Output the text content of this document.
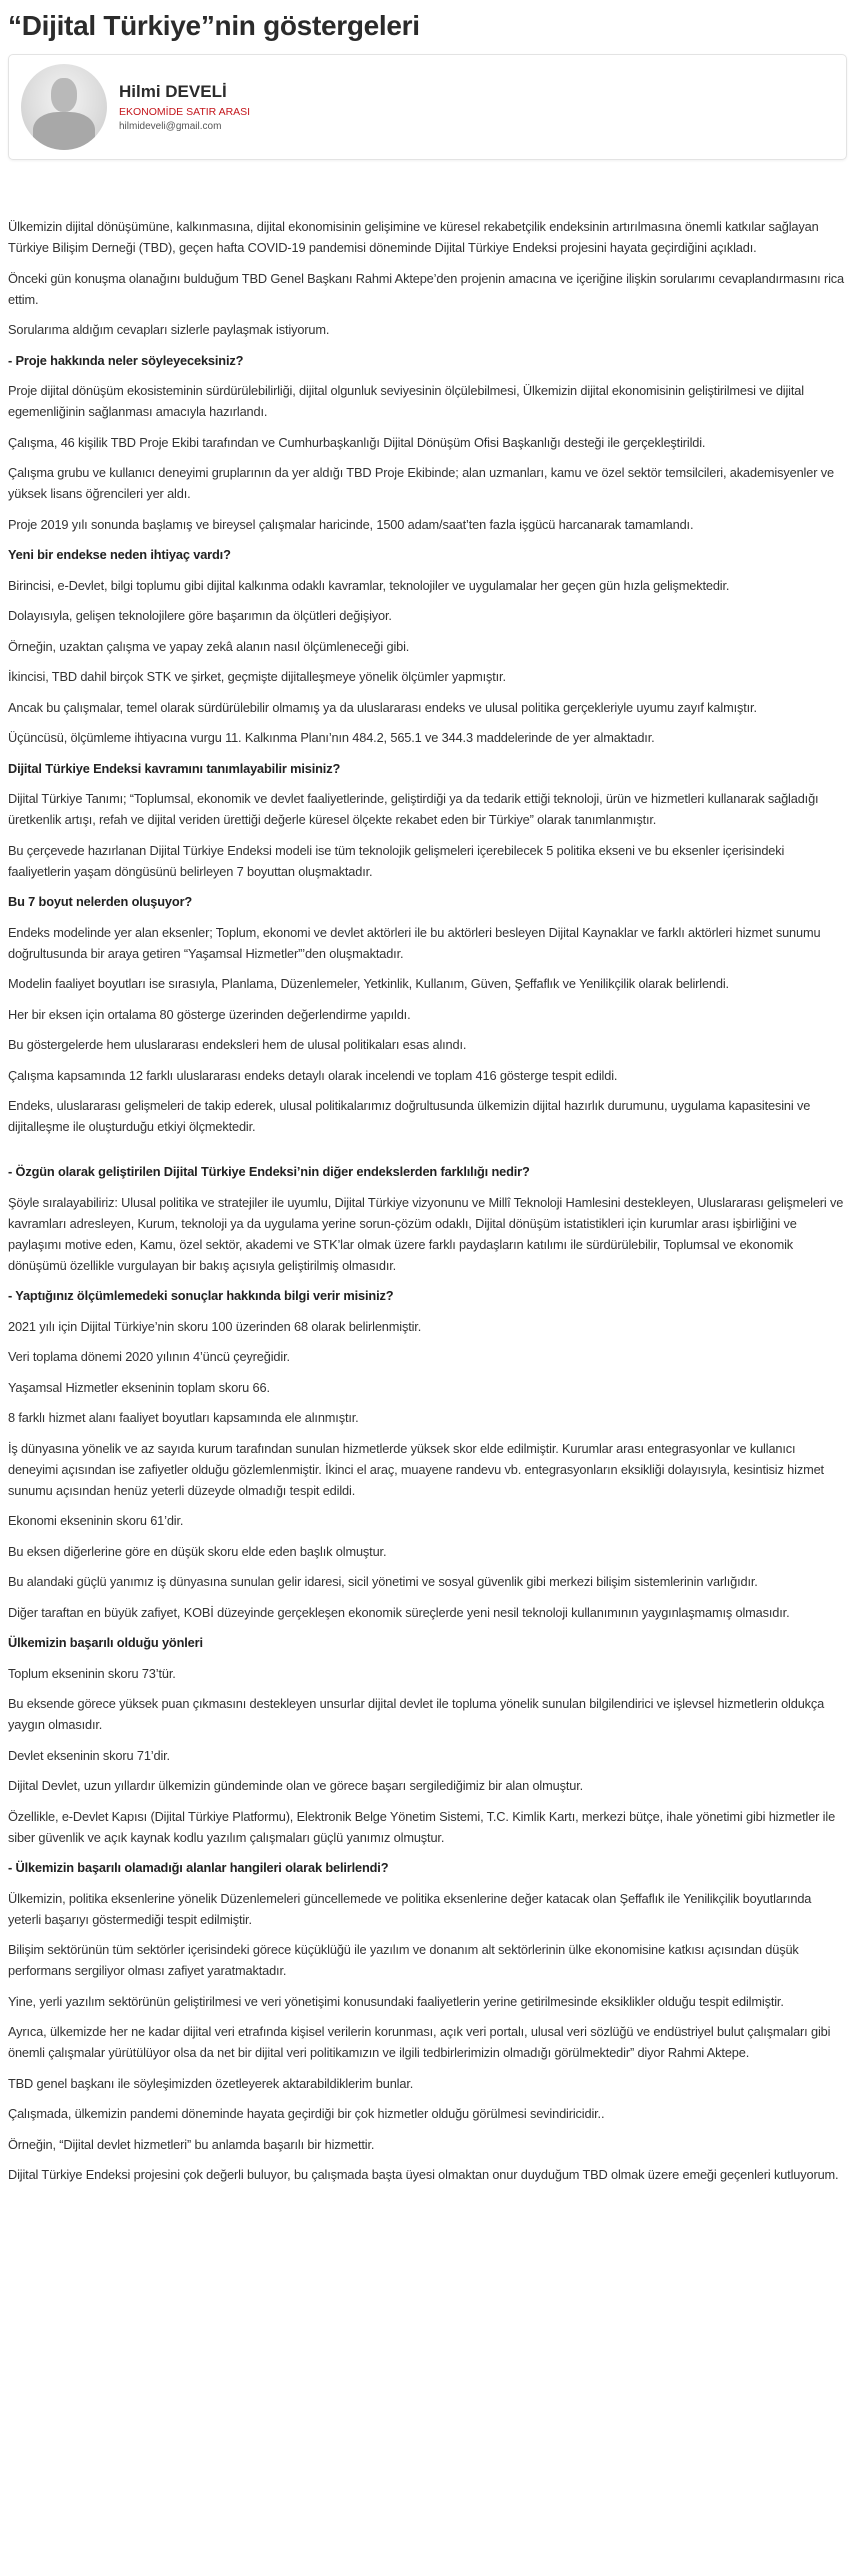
“Dijital Türkiye”nin göstergeleri
Hilmi DEVELİ
EKONOMİDE SATIR ARASI
hilmideveli@gmail.com

Ülkemizin dijital dönüşümüne, kalkınmasına, dijital ekonomisinin gelişimine ve küresel rekabetçilik endeksinin artırılmasına önemli katkılar sağlayan Türkiye Bilişim Derneği (TBD), geçen hafta COVID-19 pandemisi döneminde Dijital Türkiye Endeksi projesini hayata geçirdiğini açıkladı.

Önceki gün konuşma olanağını bulduğum TBD Genel Başkanı Rahmi Aktepe’den projenin amacına ve içeriğine ilişkin sorularımı cevaplandırmasını rica ettim.

Sorularıma aldığım cevapları sizlerle paylaşmak istiyorum.

- Proje hakkında neler söyleyeceksiniz?

Proje dijital dönüşüm ekosisteminin sürdürülebilirliği, dijital olgunluk seviyesinin ölçülebilmesi, Ülkemizin dijital ekonomisinin geliştirilmesi ve dijital egemenliğinin sağlanması amacıyla hazırlandı.

Çalışma, 46 kişilik TBD Proje Ekibi tarafından ve Cumhurbaşkanlığı Dijital Dönüşüm Ofisi Başkanlığı desteği ile gerçekleştirildi.

Çalışma grubu ve kullanıcı deneyimi gruplarının da yer aldığı TBD Proje Ekibinde; alan uzmanları, kamu ve özel sektör temsilcileri, akademisyenler ve yüksek lisans öğrencileri yer aldı.

Proje 2019 yılı sonunda başlamış ve bireysel çalışmalar haricinde, 1500 adam/saat’ten fazla işgücü harcanarak tamamlandı.

Yeni bir endekse neden ihtiyaç vardı?

Birincisi, e-Devlet, bilgi toplumu gibi dijital kalkınma odaklı kavramlar, teknolojiler ve uygulamalar her geçen gün hızla gelişmektedir.

Dolayısıyla, gelişen teknolojilere göre başarımın da ölçütleri değişiyor.

Örneğin, uzaktan çalışma ve yapay zekâ alanın nasıl ölçümleneceği gibi.

İkincisi, TBD dahil birçok STK ve şirket, geçmişte dijitalleşmeye yönelik ölçümler yapmıştır.

Ancak bu çalışmalar, temel olarak sürdürülebilir olmamış ya da uluslararası endeks ve ulusal politika gerçekleriyle uyumu zayıf kalmıştır.

Üçüncüsü, ölçümleme ihtiyacına vurgu 11. Kalkınma Planı’nın 484.2, 565.1 ve 344.3 maddelerinde de yer almaktadır.

Dijital Türkiye Endeksi kavramını tanımlayabilir misiniz?

Dijital Türkiye Tanımı; “Toplumsal, ekonomik ve devlet faaliyetlerinde, geliştirdiği ya da tedarik ettiği teknoloji, ürün ve hizmetleri kullanarak sağladığı üretkenlik artışı, refah ve dijital veriden ürettiği değerle küresel ölçekte rekabet eden bir Türkiye” olarak tanımlanmıştır.

Bu çerçevede hazırlanan Dijital Türkiye Endeksi modeli ise tüm teknolojik gelişmeleri içerebilecek 5 politika ekseni ve bu eksenler içerisindeki faaliyetlerin yaşam döngüsünü belirleyen 7 boyuttan oluşmaktadır.

Bu 7 boyut nelerden oluşuyor?

Endeks modelinde yer alan eksenler; Toplum, ekonomi ve devlet aktörleri ile bu aktörleri besleyen Dijital Kaynaklar ve farklı aktörleri hizmet sunumu doğrultusunda bir araya getiren “Yaşamsal Hizmetler”’den oluşmaktadır.

Modelin faaliyet boyutları ise sırasıyla, Planlama, Düzenlemeler, Yetkinlik, Kullanım, Güven, Şeffaflık ve Yenilikçilik olarak belirlendi.

Her bir eksen için ortalama 80 gösterge üzerinden değerlendirme yapıldı.

Bu göstergelerde hem uluslararası endeksleri hem de ulusal politikaları esas alındı.

Çalışma kapsamında 12 farklı uluslararası endeks detaylı olarak incelendi ve toplam 416 gösterge tespit edildi.

Endeks, uluslararası gelişmeleri de takip ederek, ulusal politikalarımız doğrultusunda ülkemizin dijital hazırlık durumunu, uygulama kapasitesini ve dijitalleşme ile oluşturduğu etkiyi ölçmektedir.

- Özgün olarak geliştirilen Dijital Türkiye Endeksi’nin diğer endekslerden farklılığı nedir?

Şöyle sıralayabiliriz: Ulusal politika ve stratejiler ile uyumlu, Dijital Türkiye vizyonunu ve Millî Teknoloji Hamlesini destekleyen, Uluslararası gelişmeleri ve kavramları adresleyen, Kurum, teknoloji ya da uygulama yerine sorun-çözüm odaklı, Dijital dönüşüm istatistikleri için kurumlar arası işbirliğini ve paylaşımı motive eden, Kamu, özel sektör, akademi ve STK’lar olmak üzere farklı paydaşların katılımı ile sürdürülebilir, Toplumsal ve ekonomik dönüşümü özellikle vurgulayan bir bakış açısıyla geliştirilmiş olmasıdır.

- Yaptığınız ölçümlemedeki sonuçlar hakkında bilgi verir misiniz?

2021 yılı için Dijital Türkiye’nin skoru 100 üzerinden 68 olarak belirlenmiştir.

Veri toplama dönemi 2020 yılının 4’üncü çeyreğidir.

Yaşamsal Hizmetler ekseninin toplam skoru 66.

8 farklı hizmet alanı faaliyet boyutları kapsamında ele alınmıştır.

İş dünyasına yönelik ve az sayıda kurum tarafından sunulan hizmetlerde yüksek skor elde edilmiştir. Kurumlar arası entegrasyonlar ve kullanıcı deneyimi açısından ise zafiyetler olduğu gözlemlenmiştir. İkinci el araç, muayene randevu vb. entegrasyonların eksikliği dolayısıyla, kesintisiz hizmet sunumu açısından henüz yeterli düzeyde olmadığı tespit edildi.

Ekonomi ekseninin skoru 61’dir.

Bu eksen diğerlerine göre en düşük skoru elde eden başlık olmuştur.

Bu alandaki güçlü yanımız iş dünyasına sunulan gelir idaresi, sicil yönetimi ve sosyal güvenlik gibi merkezi bilişim sistemlerinin varlığıdır.

Diğer taraftan en büyük zafiyet, KOBİ düzeyinde gerçekleşen ekonomik süreçlerde yeni nesil teknoloji kullanımının yaygınlaşmamış olmasıdır.

Ülkemizin başarılı olduğu yönleri

Toplum ekseninin skoru 73’tür.

Bu eksende görece yüksek puan çıkmasını destekleyen unsurlar dijital devlet ile topluma yönelik sunulan bilgilendirici ve işlevsel hizmetlerin oldukça yaygın olmasıdır.

Devlet ekseninin skoru 71’dir.

Dijital Devlet, uzun yıllardır ülkemizin gündeminde olan ve görece başarı sergilediğimiz bir alan olmuştur.

Özellikle, e-Devlet Kapısı (Dijital Türkiye Platformu), Elektronik Belge Yönetim Sistemi, T.C. Kimlik Kartı, merkezi bütçe, ihale yönetimi gibi hizmetler ile siber güvenlik ve açık kaynak kodlu yazılım çalışmaları güçlü yanımız olmuştur.

- Ülkemizin başarılı olamadığı alanlar hangileri olarak belirlendi?

Ülkemizin, politika eksenlerine yönelik Düzenlemeleri güncellemede ve politika eksenlerine değer katacak olan Şeffaflık ile Yenilikçilik boyutlarında yeterli başarıyı göstermediği tespit edilmiştir.

Bilişim sektörünün tüm sektörler içerisindeki görece küçüklüğü ile yazılım ve donanım alt sektörlerinin ülke ekonomisine katkısı açısından düşük performans sergiliyor olması zafiyet yaratmaktadır.

Yine, yerli yazılım sektörünün geliştirilmesi ve veri yönetişimi konusundaki faaliyetlerin yerine getirilmesinde eksiklikler olduğu tespit edilmiştir.

Ayrıca, ülkemizde her ne kadar dijital veri etrafında kişisel verilerin korunması, açık veri portalı, ulusal veri sözlüğü ve endüstriyel bulut çalışmaları gibi önemli çalışmalar yürütülüyor olsa da net bir dijital veri politikamızın ve ilgili tedbirlerimizin olmadığı görülmektedir” diyor Rahmi Aktepe.

TBD genel başkanı ile söyleşimizden özetleyerek aktarabildiklerim bunlar.

Çalışmada, ülkemizin pandemi döneminde hayata geçirdiği bir çok hizmetler olduğu görülmesi sevindiricidir..

Örneğin, “Dijital devlet hizmetleri” bu anlamda başarılı bir hizmettir.

Dijital Türkiye Endeksi projesini çok değerli buluyor, bu çalışmada başta üyesi olmaktan onur duyduğum TBD olmak üzere emeği geçenleri kutluyorum.
